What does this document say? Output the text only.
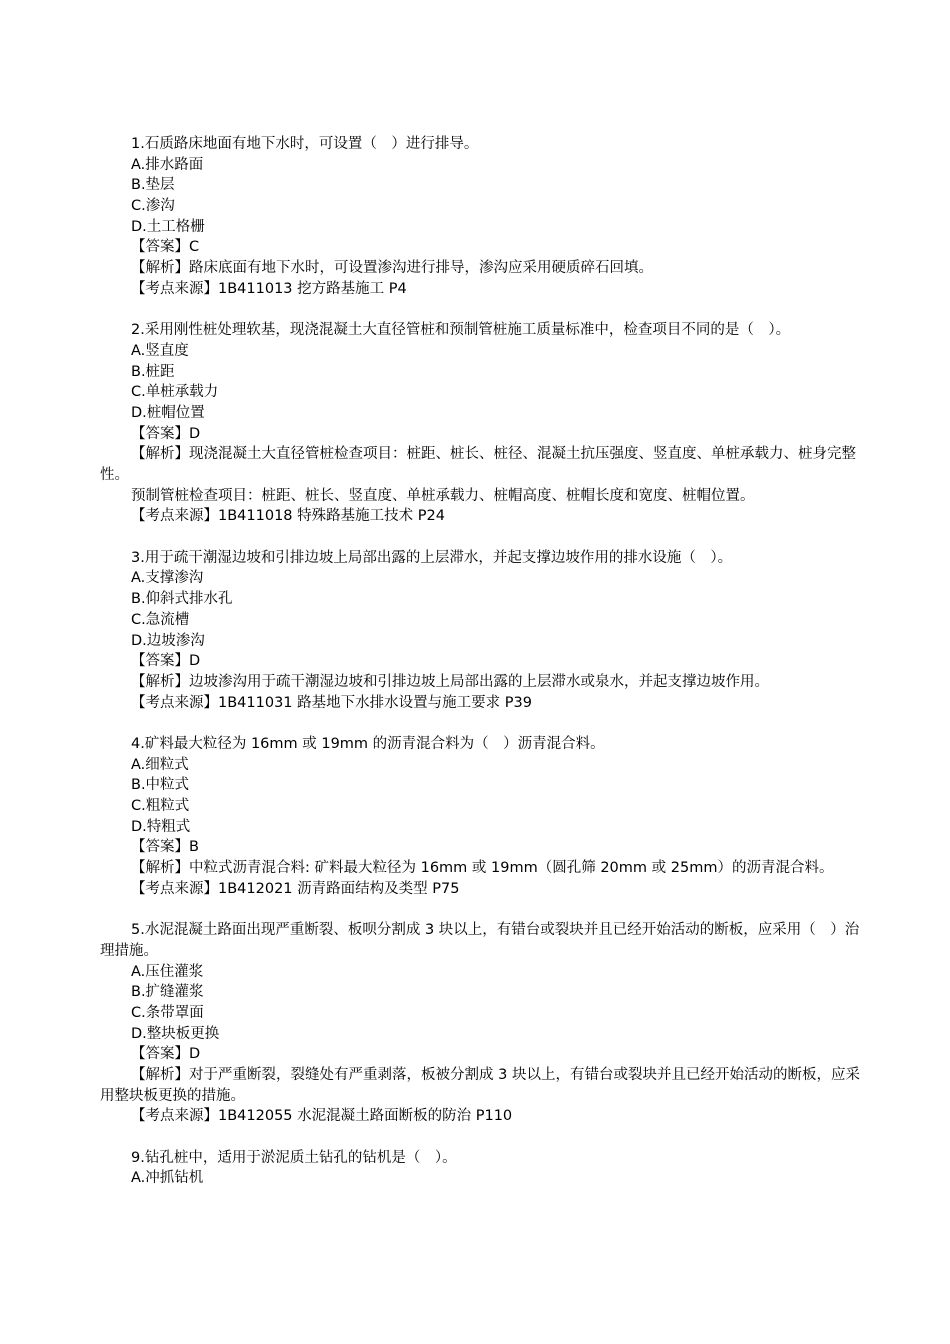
1.石质路床地面有地下水时，可设置（　）进行排导。
A.排水路面
B.垫层
C.渗沟
D.土工格栅
【答案】C
【解析】路床底面有地下水时，可设置渗沟进行排导，渗沟应采用硬质碎石回填。
【考点来源】1B411013 挖方路基施工 P4
2.采用刚性桩处理软基，现浇混凝土大直径管桩和预制管桩施工质量标准中，检查项目不同的是（　）。
A.竖直度
B.桩距
C.单桩承载力
D.桩帽位置
【答案】D
【解析】现浇混凝土大直径管桩检查项目：桩距、桩长、桩径、混凝土抗压强度、竖直度、单桩承载力、桩身完整性。
预制管桩检查项目：桩距、桩长、竖直度、单桩承载力、桩帽高度、桩帽长度和宽度、桩帽位置。
【考点来源】1B411018 特殊路基施工技术 P24
3.用于疏干潮湿边坡和引排边坡上局部出露的上层滞水，并起支撑边坡作用的排水设施（　）。
A.支撑渗沟
B.仰斜式排水孔
C.急流槽
D.边坡渗沟
【答案】D
【解析】边坡渗沟用于疏干潮湿边坡和引排边坡上局部出露的上层滞水或泉水，并起支撑边坡作用。
【考点来源】1B411031 路基地下水排水设置与施工要求 P39
4.矿料最大粒径为 16mm 或 19mm 的沥青混合料为（　）沥青混合料。
A.细粒式
B.中粒式
C.粗粒式
D.特粗式
【答案】B
【解析】中粒式沥青混合料: 矿料最大粒径为 16mm 或 19mm（圆孔筛 20mm 或 25mm）的沥青混合料。
【考点来源】1B412021 沥青路面结构及类型 P75
5.水泥混凝土路面出现严重断裂、板呗分割成 3 块以上，有错台或裂块并且已经开始活动的断板，应采用（　）治理措施。
A.压住灌浆
B.扩缝灌浆
C.条带罩面
D.整块板更换
【答案】D
【解析】对于严重断裂，裂缝处有严重剥落，板被分割成 3 块以上，有错台或裂块并且已经开始活动的断板，应采用整块板更换的措施。
【考点来源】1B412055 水泥混凝土路面断板的防治 P110
9.钻孔桩中，适用于淤泥质土钻孔的钻机是（　）。
A.冲抓钻机
